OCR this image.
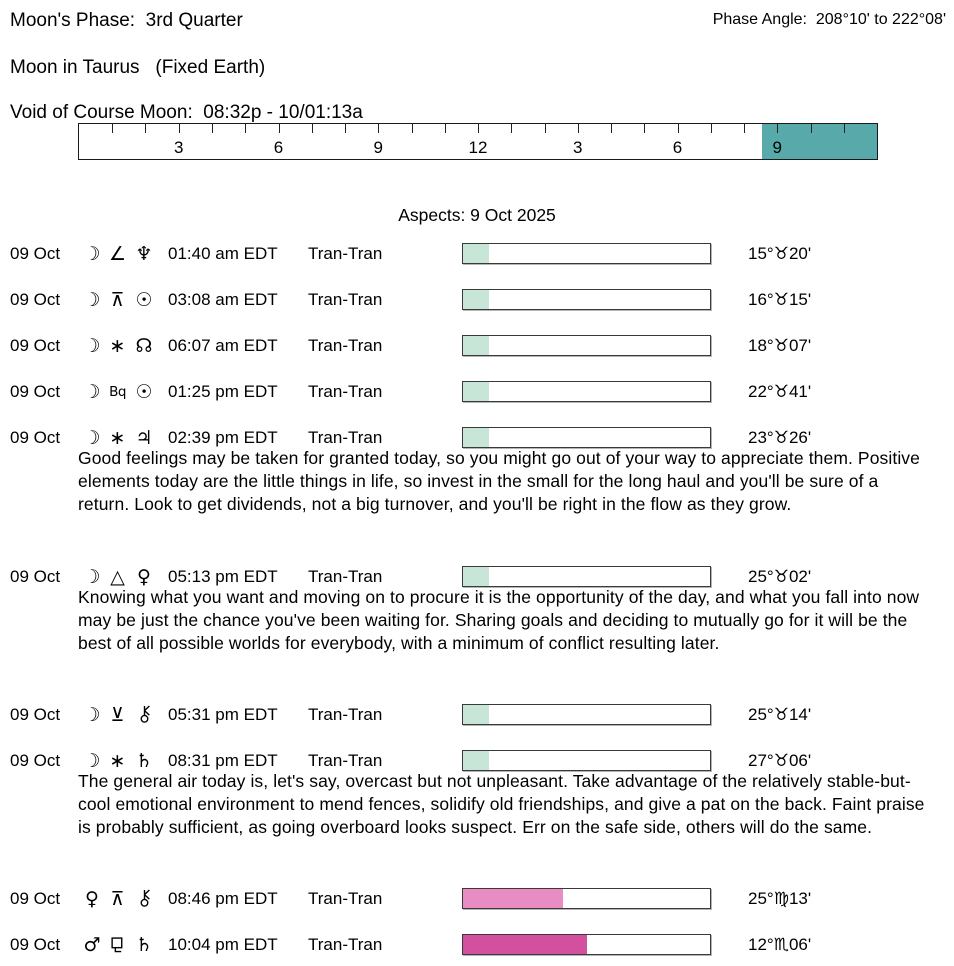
Moon's Phase: 3rd Quarter	Phase Angle: 208°10' to 222°08'
Moon in Taurus (Fixed Earth)
Void of Course Moon: 08:32p - 10/01:13a
3	6	9	12	3	6	9
Aspects: 9 Oct 2025
09 Oct ☽ ∠ ♆ 01:40 am EDT Tran-Tran	15°♉20'
09 Oct ☽ ⊼ ☉ 03:08 am EDT Tran-Tran	16°♉15'
09 Oct ☽ ∗ ☊ 06:07 am EDT Tran-Tran	18°♉07'
09 Oct ☽ Bq ☉ 01:25 pm EDT Tran-Tran	22°♉41'
09 Oct ☽ ∗ ♃ 02:39 pm EDT Tran-Tran	23°♉26'

Good feelings may be taken for granted today, so you might go out of your way to appreciate them. Positive elements today are the little things in life, so invest in the small for the long haul and you'll be sure of a return. Look to get dividends, not a big turnover, and you'll be right in the flow as they grow.

09 Oct ☽ △ ♀	05:13 pm EDT Tran-Tran	25°♉02'

Knowing what you want and moving on to procure it is the opportunity of the day, and what you fall into now may be just the chance you've been waiting for. Sharing goals and deciding to mutually go for it will be the best of all possible worlds for everybody, with a minimum of conflict resulting later.

09 Oct ☽ ⊻	05:31 pm EDT Tran-Tran	25°♉14'
09 Oct ☽ ∗ ♄ 08:31 pm EDT Tran-Tran	27°♉06'

The general air today is, let's say, overcast but not unpleasant. Take advantage of the relatively stable-but-cool emotional environment to mend fences, solidify old friendships, and give a pat on the back. Faint praise is probably sufficient, as going overboard looks suspect. Err on the safe side, others will do the same.

09 Oct ♀ ⊼	08:46 pm EDT Tran-Tran	25°♍13'
09 Oct ♂ ♄ 10:04 pm EDT Tran-Tran	12°♏06'
